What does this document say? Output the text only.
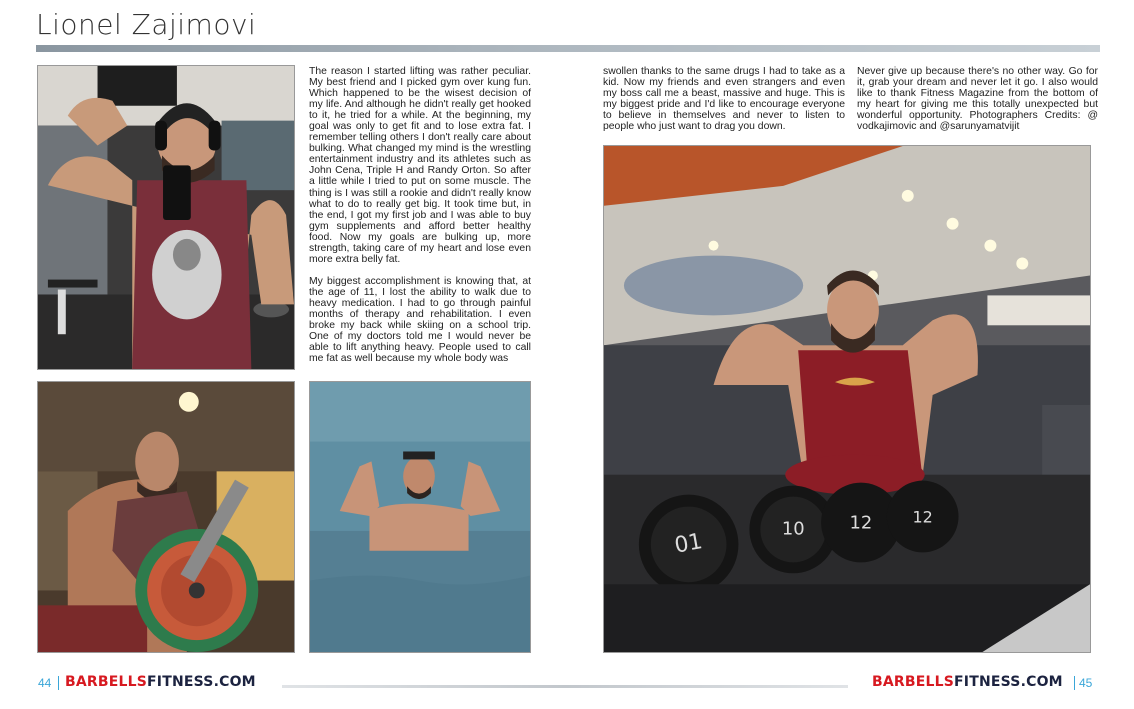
Lionel Zajimovi
01
10 12	12

The reason I started lifting was rather peculiar. My best friend and I picked gym over kung fun. Which happened to be the wisest decision of my life. And although he didn't really get hooked to it, he tried for a while. At the beginning, my goal was only to get fit and to lose extra fat. I remember telling others I don't really care about bulking. What changed my mind is the wrestling entertainment industry and its athletes such as John Cena, Triple H and Randy Orton. So after a little while I tried to put on some muscle. The thing is I was still a rookie and didn't really know what to do to really get big. It took time but, in the end, I got my first job and I was able to buy gym supplements and afford better healthy food. Now my goals are bulking up, more strength, taking care of my heart and lose even more extra belly fat.

My biggest accomplishment is knowing that, at the age of 11, I lost the ability to walk due to heavy medication. I had to go through painful months of therapy and rehabilitation. I even broke my back while skiing on a school trip. One of my doctors told me I would never be able to lift anything heavy. People used to call me fat as well because my whole body was

swollen thanks to the same drugs I had to take as a kid. Now my friends and even strangers and even my boss call me a beast, massive and huge. This is my biggest pride and I'd like to encourage everyone to believe in themselves and never to listen to people who just want to drag you down.

Never give up because there's no other way. Go for it, grab your dream and never let it go. I also would like to thank Fitness Magazine from the bottom of my heart for giving me this totally unexpected but wonderful opportunity. Photographers Credits: @ vodkajimovic and @sarunyamatvijit

44 BARBELLSFITNESS.COM	BARBELLSFITNESS.COM 45
